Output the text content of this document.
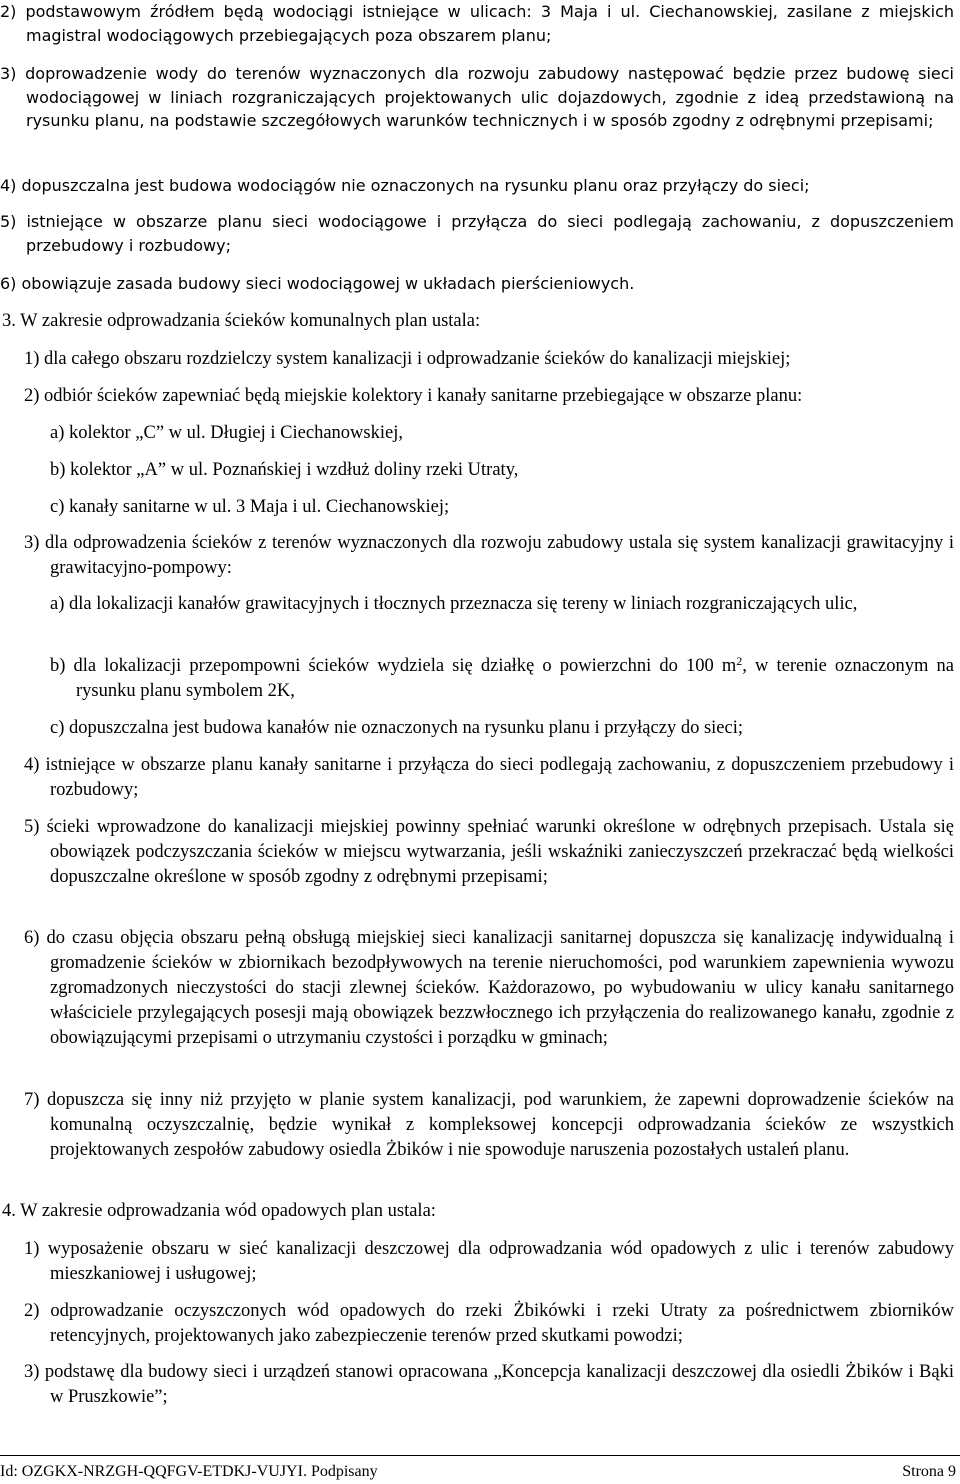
2) podstawowym źródłem będą wodociągi istniejące w ulicach: 3 Maja i ul. Ciechanowskiej, zasilane z miejskich magistral wodociągowych przebiegających poza obszarem planu;

3) doprowadzenie wody do terenów wyznaczonych dla rozwoju zabudowy następować będzie przez budowę sieci wodociągowej w liniach rozgraniczających projektowanych ulic dojazdowych, zgodnie z ideą przedstawioną na rysunku planu, na podstawie szczegółowych warunków technicznych i w sposób zgodny z odrębnymi przepisami;

4) dopuszczalna jest budowa wodociągów nie oznaczonych na rysunku planu oraz przyłączy do sieci;

5) istniejące w obszarze planu sieci wodociągowe i przyłącza do sieci podlegają zachowaniu, z dopuszczeniem przebudowy i rozbudowy;

6) obowiązuje zasada budowy sieci wodociągowej w układach pierścieniowych.

3. W zakresie odprowadzania ścieków komunalnych plan ustala:

1) dla całego obszaru rozdzielczy system kanalizacji i odprowadzanie ścieków do kanalizacji miejskiej;

2) odbiór ścieków zapewniać będą miejskie kolektory i kanały sanitarne przebiegające w obszarze planu:

a) kolektor „C” w ul. Długiej i Ciechanowskiej,

b) kolektor „A” w ul. Poznańskiej i wzdłuż doliny rzeki Utraty,

c) kanały sanitarne w ul. 3 Maja i ul. Ciechanowskiej;

3) dla odprowadzenia ścieków z terenów wyznaczonych dla rozwoju zabudowy ustala się system kanalizacji grawitacyjny i grawitacyjno-pompowy:

a) dla lokalizacji kanałów grawitacyjnych i tłocznych przeznacza się tereny w liniach rozgraniczających ulic,

b) dla lokalizacji przepompowni ścieków wydziela się działkę o powierzchni do 100 $m^2$, w terenie oznaczonym na rysunku planu symbolem 2K,

c) dopuszczalna jest budowa kanałów nie oznaczonych na rysunku planu i przyłączy do sieci;

4) istniejące w obszarze planu kanały sanitarne i przyłącza do sieci podlegają zachowaniu, z dopuszczeniem przebudowy i rozbudowy;

5) ścieki wprowadzone do kanalizacji miejskiej powinny spełniać warunki określone w odrębnych przepisach. Ustala się obowiązek podczyszczania ścieków w miejscu wytwarzania, jeśli wskaźniki zanieczyszczeń przekraczać będą wielkości dopuszczalne określone w sposób zgodny z odrębnymi przepisami;

6) do czasu objęcia obszaru pełną obsługą miejskiej sieci kanalizacji sanitarnej dopuszcza się kanalizację indywidualną i gromadzenie ścieków w zbiornikach bezodpływowych na terenie nieruchomości, pod warunkiem zapewnienia wywozu zgromadzonych nieczystości do stacji zlewnej ścieków. Każdorazowo, po wybudowaniu w ulicy kanału sanitarnego właściciele przylegających posesji mają obowiązek bezzwłocznego ich przyłączenia do realizowanego kanału, zgodnie z obowiązującymi przepisami o utrzymaniu czystości i porządku w gminach;

7) dopuszcza się inny niż przyjęto w planie system kanalizacji, pod warunkiem, że zapewni doprowadzenie ścieków na komunalną oczyszczalnię, będzie wynikał z kompleksowej koncepcji odprowadzania ścieków ze wszystkich projektowanych zespołów zabudowy osiedla Żbików i nie spowoduje naruszenia pozostałych ustaleń planu.

4. W zakresie odprowadzania wód opadowych plan ustala:

1) wyposażenie obszaru w sieć kanalizacji deszczowej dla odprowadzania wód opadowych z ulic i terenów zabudowy mieszkaniowej i usługowej;

2) odprowadzanie oczyszczonych wód opadowych do rzeki Żbikówki i rzeki Utraty za pośrednictwem zbiorników retencyjnych, projektowanych jako zabezpieczenie terenów przed skutkami powodzi;

3) podstawę dla budowy sieci i urządzeń stanowi opracowana „Koncepcja kanalizacji deszczowej dla osiedli Żbików i Bąki w Pruszkowie”;

Id: OZGKX-NRZGH-QQFGV-ETDKJ-VUJYI. Podpisany	Strona 9
